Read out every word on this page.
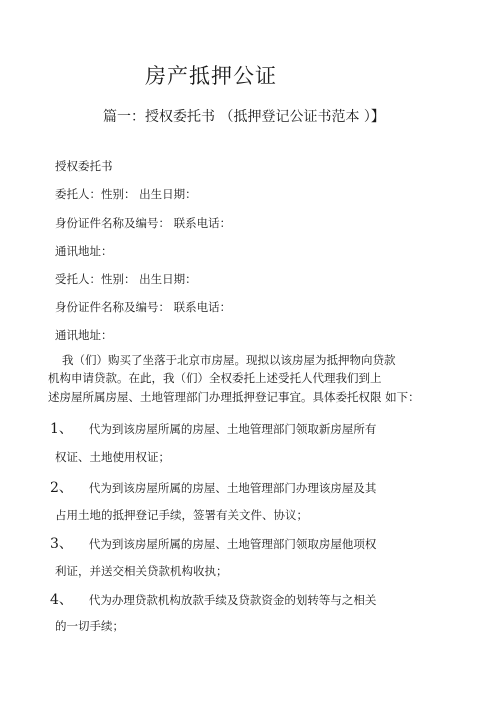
房产抵押公证
篇一：授权委托书 （抵押登记公证书范本 ）】
授权委托书
委托人：性别： 出生日期：
身份证件名称及编号： 联系电话：
通讯地址：
受托人：性别： 出生日期：
身份证件名称及编号： 联系电话：
通讯地址：
我（们）购买了坐落于北京市房屋。现拟以该房屋为抵押物向贷款
机构申请贷款。在此，我（们）全权委托上述受托人代理我们到上
述房屋所属房屋、土地管理部门办理抵押登记事宜。具体委托权限 如下：
1、 代为到该房屋所属的房屋、土地管理部门领取新房屋所有
权证、土地使用权证；
2、 代为到该房屋所属的房屋、土地管理部门办理该房屋及其
占用土地的抵押登记手续，签署有关文件、协议；
3、 代为到该房屋所属的房屋、土地管理部门领取房屋他项权
利证，并送交相关贷款机构收执；
4、 代为办理贷款机构放款手续及贷款资金的划转等与之相关
的一切手续；
